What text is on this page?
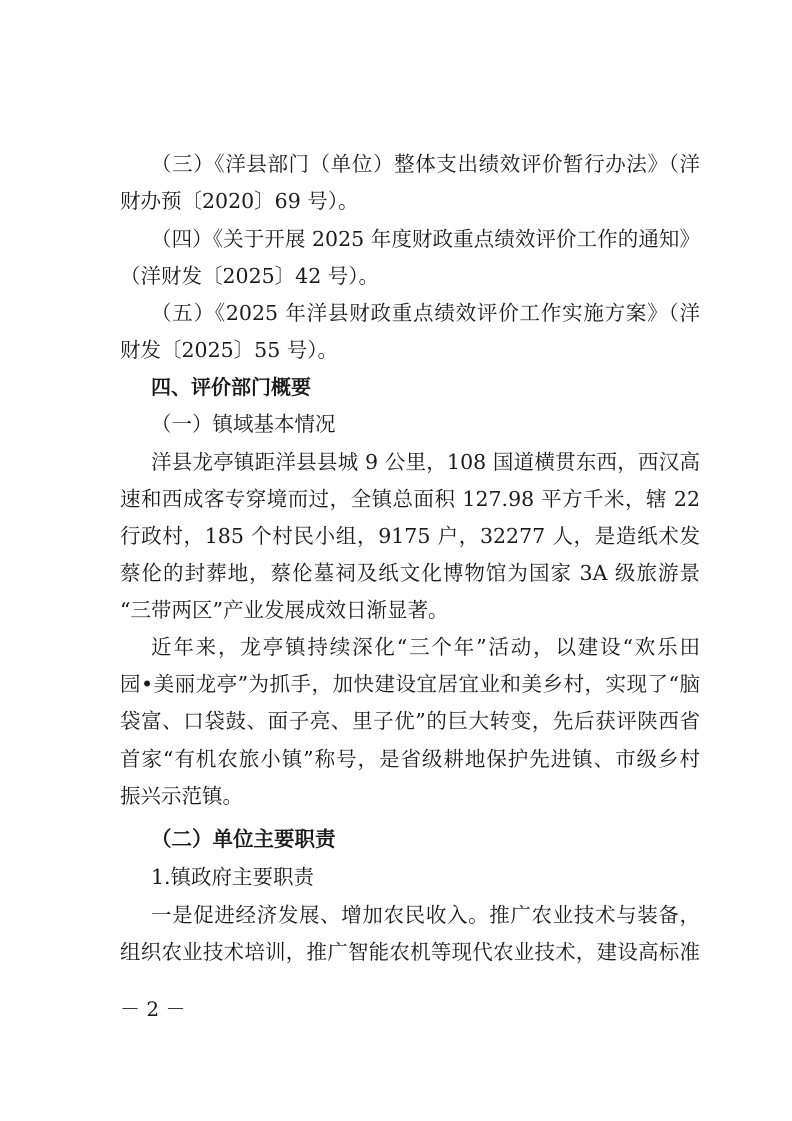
（三）《洋县部门（单位）整体支出绩效评价暂行办法》（洋
财办预〔2020〕69 号）。
（四）《关于开展 2025 年度财政重点绩效评价工作的通知》
（洋财发〔2025〕42 号）。
（五）《2025 年洋县财政重点绩效评价工作实施方案》（洋
财发〔2025〕55 号）。
四、评价部门概要
（一）镇域基本情况
洋县龙亭镇距洋县县城 9 公里，108 国道横贯东西，西汉高
速和西成客专穿境而过，全镇总面积 127.98 平方千米，辖 22
行政村，185 个村民小组，9175 户，32277 人，是造纸术发
蔡伦的封葬地，蔡伦墓祠及纸文化博物馆为国家 3A 级旅游景
“三带两区”产业发展成效日渐显著。
近年来，龙亭镇持续深化“三个年”活动，以建设“欢乐田
园•美丽龙亭”为抓手，加快建设宜居宜业和美乡村，实现了“脑
袋富、口袋鼓、面子亮、里子优”的巨大转变，先后获评陕西省
首家“有机农旅小镇”称号，是省级耕地保护先进镇、市级乡村
振兴示范镇。
（二）单位主要职责
1.镇政府主要职责
一是促进经济发展、增加农民收入。推广农业技术与装备，
组织农业技术培训，推广智能农机等现代农业技术，建设高标准
－ 2 －
